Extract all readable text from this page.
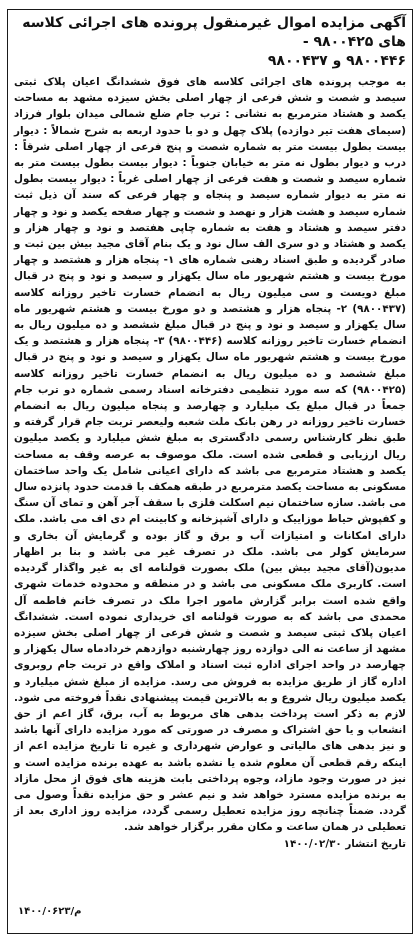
آگهی مزایده اموال غیرمنقول پرونده های اجرائی کلاسه های ۹۸۰۰۴۲۵ -
۹۸۰۰۴۴۶ و ۹۸۰۰۴۳۷

به موجب پرونده های اجرائی کلاسه های فوق ششدانگ اعیان پلاک ثبتی سیصد و شصت و شش فرعی از چهار اصلی بخش سیزده مشهد به مساحت یکصد و هشتاد مترمربع به نشانی : ترب جام ضلع شمالی میدان بلوار فرزاد (سیمای هفت تیر دوازده) پلاک چهل و دو با حدود اربعه به شرح شمالاً : دیوار بیست بطول بیست متر به شماره شصت و پنج فرعی از چهار اصلی شرقاً : درب و دیوار بطول نه متر به خیابان جنوباً : دیوار بیست بطول بیست متر به شماره سیصد و شصت و هفت فرعی از چهار اصلی غرباً : دیوار بیست بطول نه متر به دیوار شماره سیصد و پنجاه و چهار فرعی که سند آن ذیل ثبت شماره سیصد و هشت هزار و نهصد و شصت و چهار صفحه یکصد و نود و چهار دفتر سیصد و هشتاد و هفت به شماره چاپی هفتصد و نود و چهار هزار و یکصد و هشتاد و دو سری الف سال نود و یک بنام آقای مجید بیش بین ثبت و صادر گردیده و طبق اسناد رهنی شماره های ۱- پنجاه هزار و هشتصد و چهار مورخ بیست و هشتم شهریور ماه سال یکهزار و سیصد و نود و پنج در قبال مبلغ دویست و سی میلیون ریال به انضمام خسارت تاخیر روزانه کلاسه (۹۸۰۰۴۳۷) ۲- پنجاه هزار و هشتصد و دو مورخ بیست و هشتم شهریور ماه سال یکهزار و سیصد و نود و پنج در قبال مبلغ ششصد و ده میلیون ریال به انضمام خسارت تاخیر روزانه کلاسه (۹۸۰۰۴۴۶) ۳- پنجاه هزار و هشتصد و یک مورخ بیست و هشتم شهریور ماه سال یکهزار و سیصد و نود و پنج در قبال مبلغ ششصد و ده میلیون ریال به انضمام خسارت تاخیر روزانه کلاسه (۹۸۰۰۴۲۵) که سه مورد تنظیمی دفترخانه اسناد رسمی شماره دو ترب جام جمعاً در قبال مبلغ یک میلیارد و چهارصد و پنجاه میلیون ریال به انضمام خسارت تاخیر روزانه در رهن بانک ملت شعبه ولیعصر تربت جام قرار گرفته و طبق نظر کارشناس رسمی دادگستری به مبلغ شش میلیارد و یکصد میلیون ریال ارزیابی و قطعی شده است. ملک موصوف به عرصه وقف به مساحت یکصد و هشتاد مترمربع می باشد که دارای اعیانی شامل یک واحد ساختمان مسکونی به مساحت یکصد مترمربع در طبقه همکف با قدمت حدود پانزده سال می باشد. سازه ساختمان نیم اسکلت فلزی با سقف آجر آهن و تمای آن سنگ و کفپوش حیاط موزاییک و دارای آشپزخانه و کابینت ام دی اف می باشد. ملک دارای امکانات و امتیازات آب و برق و گاز بوده و گرمایش آن بخاری و سرمایش کولر می باشد. ملک در تصرف غیر می باشد و بنا بر اظهار مدیون(آقای مجید بیش بین) ملک بصورت قولنامه ای به غیر واگذار گردیده است. کاربری ملک مسکونی می باشد و در منطقه و محدوده خدمات شهری واقع شده است برابر گزارش مامور اجرا ملک در تصرف خانم فاطمه آل محمدی می باشد که به صورت قولنامه ای خریداری نموده است. ششدانگ اعیان پلاک ثبتی سیصد و شصت و شش فرعی از چهار اصلی بخش سیزده مشهد از ساعت نه الی دوازده روز چهارشنبه دوازدهم خردادماه سال یکهزار و چهارصد در واحد اجرای اداره ثبت اسناد و املاک واقع در تربت جام روبروی اداره گاز از طریق مزایده به فروش می رسد. مزایده از مبلغ شش میلیارد و یکصد میلیون ریال شروع و به بالاترین قیمت پیشنهادی نقداً فروخته می شود. لازم به ذکر است پرداخت بدهی های مربوط به آب، برق، گاز اعم از حق انشعاب و یا حق اشتراک و مصرف در صورتی که مورد مزایده دارای آنها باشد و نیز بدهی های مالیاتی و عوارض شهرداری و غیره تا تاریخ مزایده اعم از اینکه رقم قطعی آن معلوم شده یا نشده باشد به عهده برنده مزایده است و نیز در صورت وجود مازاد، وجوه پرداختی بابت هزینه های فوق از محل مازاد به برنده مزایده مسترد خواهد شد و نیم عشر و حق مزایده نقداً وصول می گردد. ضمناً چنانچه روز مزایده تعطیل رسمی گردد، مزایده روز اداری بعد از تعطیلی در همان ساعت و مکان مقرر برگزار خواهد شد.

تاریخ انتشار ۱۴۰۰/۰۲/۳۰

م/۱۴۰۰/۰۶۲۳
